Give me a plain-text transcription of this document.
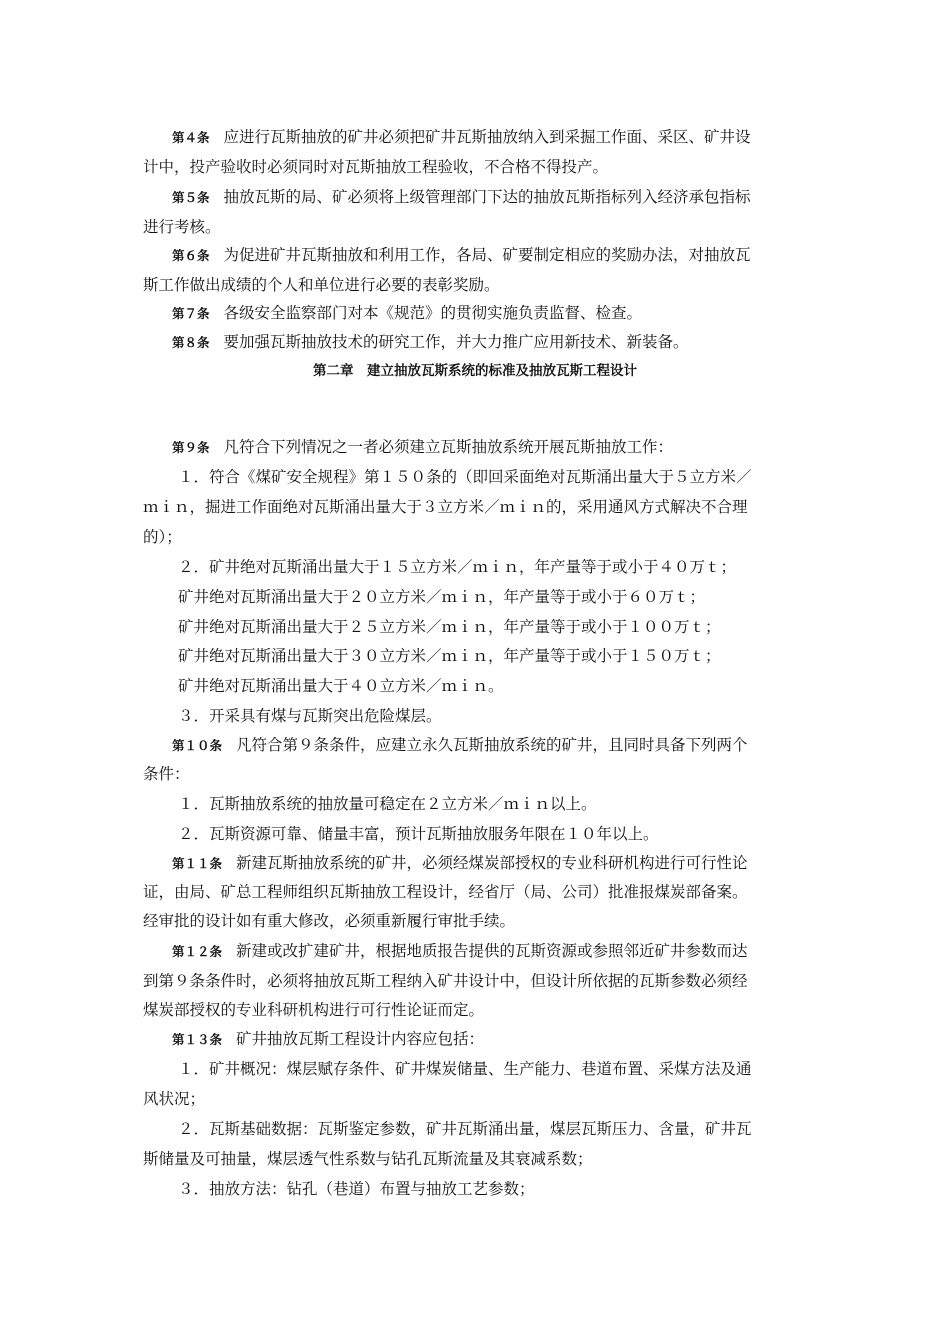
第４条 应进行瓦斯抽放的矿井必须把矿井瓦斯抽放纳入到采掘工作面、采区、矿井设
计中，投产验收时必须同时对瓦斯抽放工程验收，不合格不得投产。
第５条 抽放瓦斯的局、矿必须将上级管理部门下达的抽放瓦斯指标列入经济承包指标
进行考核。
第６条 为促进矿井瓦斯抽放和利用工作，各局、矿要制定相应的奖励办法，对抽放瓦
斯工作做出成绩的个人和单位进行必要的表彰奖励。
第７条 各级安全监察部门对本《规范》的贯彻实施负责监督、检查。
第８条 要加强瓦斯抽放技术的研究工作，并大力推广应用新技术、新装备。
第二章　建立抽放瓦斯系统的标准及抽放瓦斯工程设计
第９条 凡符合下列情况之一者必须建立瓦斯抽放系统开展瓦斯抽放工作：
１．符合《煤矿安全规程》第１５０条的（即回采面绝对瓦斯涌出量大于５立方米／
ｍｉｎ，掘进工作面绝对瓦斯涌出量大于３立方米／ｍｉｎ的，采用通风方式解决不合理
的）；
２．矿井绝对瓦斯涌出量大于１５立方米／ｍｉｎ，年产量等于或小于４０万ｔ；
矿井绝对瓦斯涌出量大于２０立方米／ｍｉｎ，年产量等于或小于６０万ｔ；
矿井绝对瓦斯涌出量大于２５立方米／ｍｉｎ，年产量等于或小于１００万ｔ；
矿井绝对瓦斯涌出量大于３０立方米／ｍｉｎ，年产量等于或小于１５０万ｔ；
矿井绝对瓦斯涌出量大于４０立方米／ｍｉｎ。
３．开采具有煤与瓦斯突出危险煤层。
第１０条 凡符合第９条条件，应建立永久瓦斯抽放系统的矿井，且同时具备下列两个
条件：
１．瓦斯抽放系统的抽放量可稳定在２立方米／ｍｉｎ以上。
２．瓦斯资源可靠、储量丰富，预计瓦斯抽放服务年限在１０年以上。
第１１条 新建瓦斯抽放系统的矿井，必须经煤炭部授权的专业科研机构进行可行性论
证，由局、矿总工程师组织瓦斯抽放工程设计，经省厅（局、公司）批准报煤炭部备案。
经审批的设计如有重大修改，必须重新履行审批手续。
第１２条 新建或改扩建矿井，根据地质报告提供的瓦斯资源或参照邻近矿井参数而达
到第９条条件时，必须将抽放瓦斯工程纳入矿井设计中，但设计所依据的瓦斯参数必须经
煤炭部授权的专业科研机构进行可行性论证而定。
第１３条 矿井抽放瓦斯工程设计内容应包括：
１．矿井概况：煤层赋存条件、矿井煤炭储量、生产能力、巷道布置、采煤方法及通
风状况；
２．瓦斯基础数据：瓦斯鉴定参数，矿井瓦斯涌出量，煤层瓦斯压力、含量，矿井瓦
斯储量及可抽量，煤层透气性系数与钻孔瓦斯流量及其衰减系数；
３．抽放方法：钻孔（巷道）布置与抽放工艺参数；
